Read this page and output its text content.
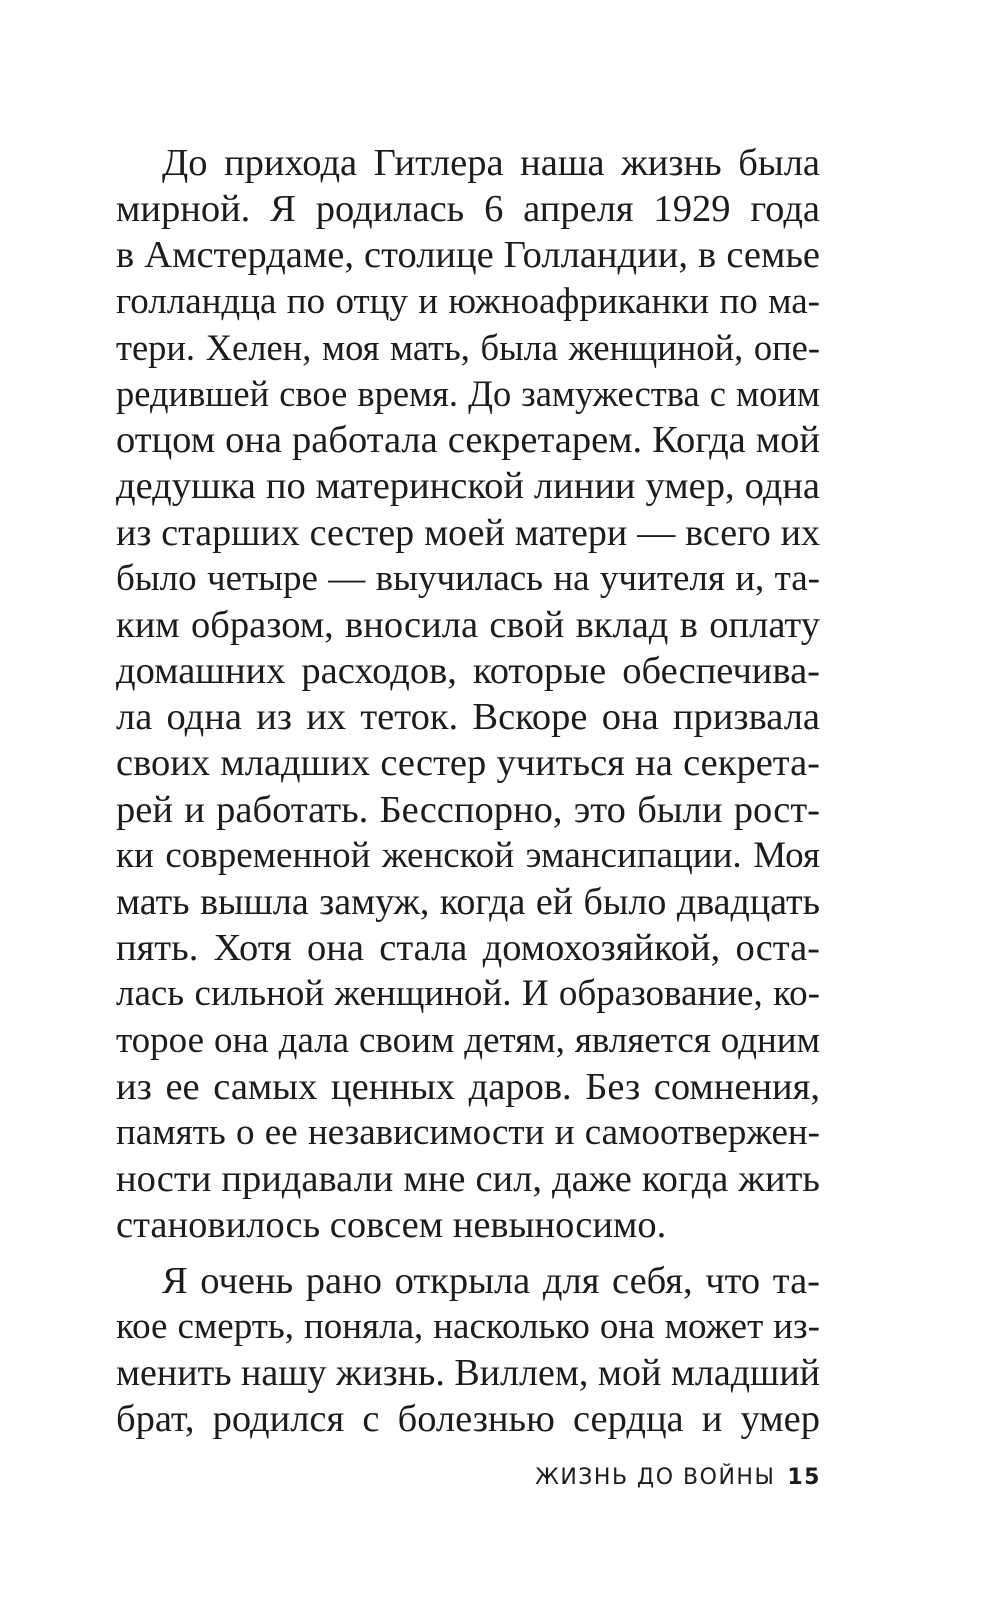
До прихода Гитлера наша жизнь была
мирной. Я родилась 6 апреля 1929 года
в Амстердаме, столице Голландии, в семье
голландца по отцу и южноафриканки по ма-
тери. Хелен, моя мать, была женщиной, опе-
редившей свое время. До замужества с моим
отцом она работала секретарем. Когда мой
дедушка по материнской линии умер, одна
из старших сестер моей матери — всего их
было четыре — выучилась на учителя и, та-
ким образом, вносила свой вклад в оплату
домашних расходов, которые обеспечива-
ла одна из их теток. Вскоре она призвала
своих младших сестер учиться на секрета-
рей и работать. Бесспорно, это были рост-
ки современной женской эмансипации. Моя
мать вышла замуж, когда ей было двадцать
пять. Хотя она стала домохозяйкой, оста-
лась сильной женщиной. И образование, ко-
торое она дала своим детям, является одним
из ее самых ценных даров. Без сомнения,
память о ее независимости и самоотвержен-
ности придавали мне сил, даже когда жить
становилось совсем невыносимо.
Я очень рано открыла для себя, что та-
кое смерть, поняла, насколько она может из-
менить нашу жизнь. Виллем, мой младший
брат, родился с болезнью сердца и умер
ЖИЗНЬ ДО ВОЙНЫ 15
